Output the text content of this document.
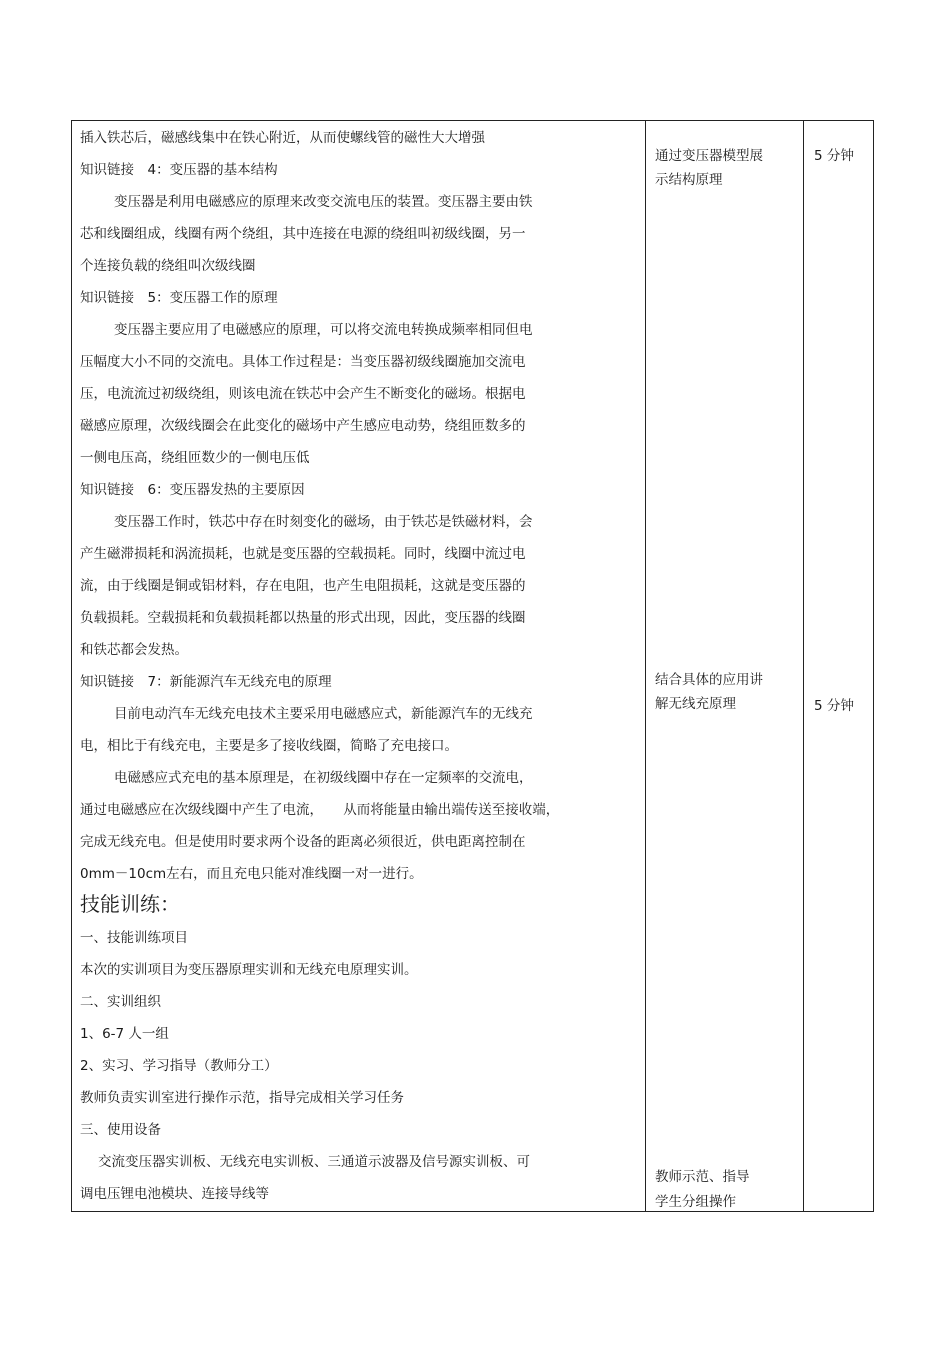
插入铁芯后，磁感线集中在铁心附近，从而使螺线管的磁性大大增强
知识链接　4：变压器的基本结构
变压器是利用电磁感应的原理来改变交流电压的装置。变压器主要由铁
芯和线圈组成，线圈有两个绕组，其中连接在电源的绕组叫初级线圈，另一
个连接负载的绕组叫次级线圈
知识链接　5：变压器工作的原理
变压器主要应用了电磁感应的原理，可以将交流电转换成频率相同但电
压幅度大小不同的交流电。具体工作过程是：当变压器初级线圈施加交流电
压，电流流过初级绕组，则该电流在铁芯中会产生不断变化的磁场。根据电
磁感应原理，次级线圈会在此变化的磁场中产生感应电动势，绕组匝数多的
一侧电压高，绕组匝数少的一侧电压低
知识链接　6：变压器发热的主要原因
变压器工作时，铁芯中存在时刻变化的磁场，由于铁芯是铁磁材料，会
产生磁滞损耗和涡流损耗，也就是变压器的空载损耗。同时，线圈中流过电
流，由于线圈是铜或铝材料，存在电阻，也产生电阻损耗，这就是变压器的
负载损耗。空载损耗和负载损耗都以热量的形式出现，因此，变压器的线圈
和铁芯都会发热。
知识链接　7：新能源汽车无线充电的原理
目前电动汽车无线充电技术主要采用电磁感应式，新能源汽车的无线充
电，相比于有线充电，主要是多了接收线圈，简略了充电接口。
电磁感应式充电的基本原理是，在初级线圈中存在一定频率的交流电，
通过电磁感应在次级线圈中产生了电流，　　从而将能量由输出端传送至接收端，
完成无线充电。但是使用时要求两个设备的距离必须很近，供电距离控制在
0mm－10cm左右，而且充电只能对准线圈一对一进行。
技能训练：
一、技能训练项目
本次的实训项目为变压器原理实训和无线充电原理实训。
二、实训组织
1、6-7 人一组
2、实习、学习指导（教师分工）
教师负责实训室进行操作示范，指导完成相关学习任务
三、使用设备
交流变压器实训板、无线充电实训板、三通道示波器及信号源实训板、可
调电压锂电池模块、连接导线等
通过变压器模型展
示结构原理
结合具体的应用讲
解无线充原理
教师示范、指导
学生分组操作
5 分钟
5 分钟
